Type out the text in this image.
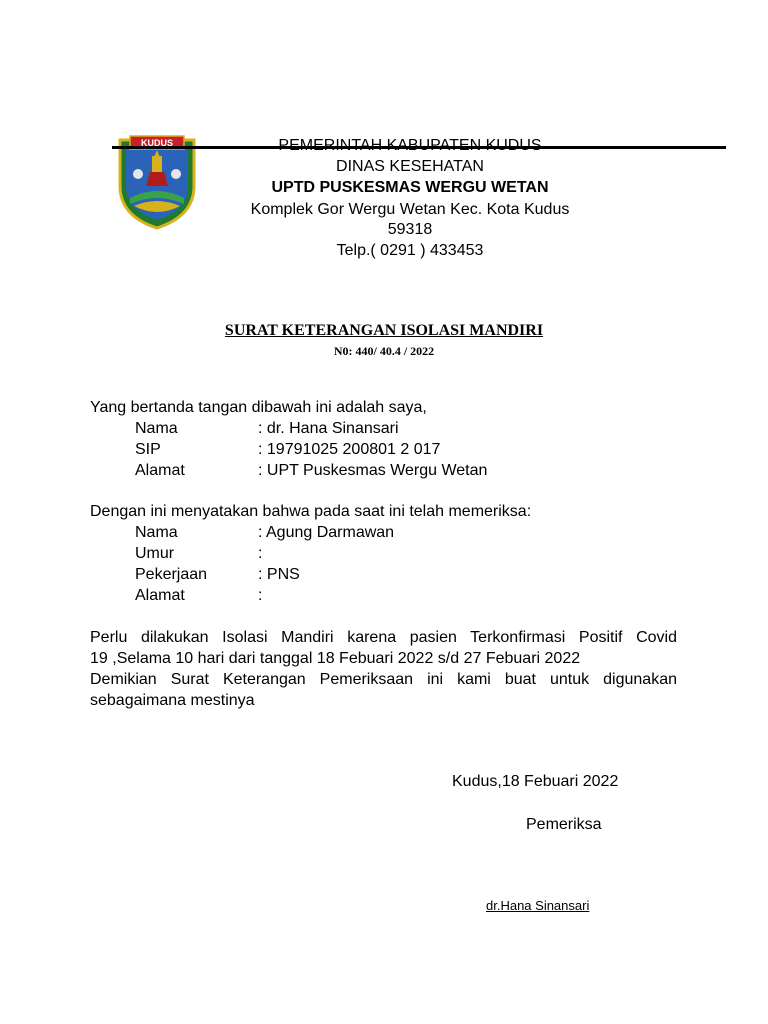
KUDUS	PEMERINTAH KABUPATEN KUDUS
DINAS KESEHATAN
UPTD PUSKESMAS WERGU WETAN
Komplek Gor Wergu Wetan Kec. Kota Kudus
59318
Telp.( 0291 ) 433453
SURAT KETERANGAN ISOLASI MANDIRI
N0: 440/ 40.4 / 2022
Yang bertanda tangan dibawah ini adalah saya,
Nama	: dr. Hana Sinansari
SIP	: 19791025 200801 2 017
Alamat	: UPT Puskesmas Wergu Wetan
Dengan ini menyatakan bahwa pada saat ini telah memeriksa:
Nama	: Agung Darmawan
Umur	:
Pekerjaan	: PNS
Alamat	:
Perlu dilakukan Isolasi Mandiri karena pasien Terkonfirmasi Positif Covid
19 ,Selama 10 hari dari tanggal 18 Febuari 2022 s/d 27 Febuari 2022
Demikian Surat Keterangan Pemeriksaan ini kami buat untuk digunakan
sebagaimana mestinya
Kudus,18 Febuari 2022
Pemeriksa
dr.Hana Sinansari
